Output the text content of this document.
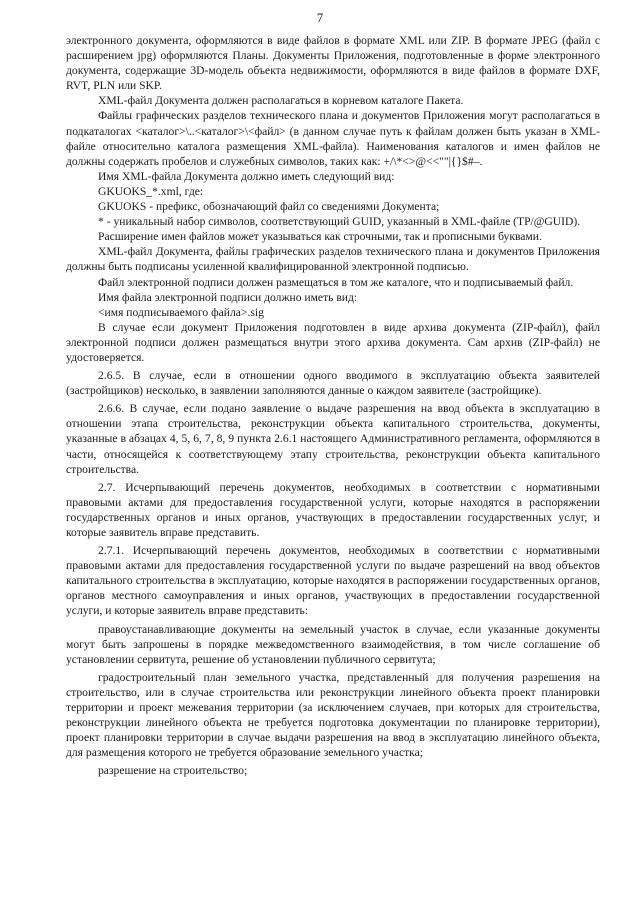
7

электронного документа, оформляются в виде файлов в формате XML или ZIP. В формате JPEG (файл с расширением jpg) оформляются Планы. Документы Приложения, подготовленные в форме электронного документа, содержащие 3D-модель объекта недвижимости, оформляются в виде файлов в формате DXF, RVT, PLN или SKP.

XML-файл Документа должен располагаться в корневом каталоге Пакета.

Файлы графических разделов технического плана и документов Приложения могут располагаться в подкаталогах <каталог>\..<каталог>\<файл> (в данном случае путь к файлам должен быть указан в XML-файле относительно каталога размещения XML-файла). Наименования каталогов и имен файлов не должны содержать пробелов и служебных символов, таких как: +/\*<>@<<""|{}$#–.

Имя XML-файла Документа должно иметь следующий вид:

GKUOKS_*.xml, где:

GKUOKS - префикс, обозначающий файл со сведениями Документа;

* - уникальный набор символов, соответствующий GUID, указанный в XML-файле (TP/@GUID).

Расширение имен файлов может указываться как строчными, так и прописными буквами.

XML-файл Документа, файлы графических разделов технического плана и документов Приложения должны быть подписаны усиленной квалифицированной электронной подписью.

Файл электронной подписи должен размещаться в том же каталоге, что и подписываемый файл.

Имя файла электронной подписи должно иметь вид:

<имя подписываемого файла>.sig

В случае если документ Приложения подготовлен в виде архива документа (ZIP-файл), файл электронной подписи должен размещаться внутри этого архива документа. Сам архив (ZIP-файл) не удостоверяется.

2.6.5. В случае, если в отношении одного вводимого в эксплуатацию объекта заявителей (застройщиков) несколько, в заявлении заполняются данные о каждом заявителе (застройщике).

2.6.6. В случае, если подано заявление о выдаче разрешения на ввод объекта в эксплуатацию в отношении этапа строительства, реконструкции объекта капитального строительства, документы, указанные в абзацах 4, 5, 6, 7, 8, 9 пункта 2.6.1 настоящего Административного регламента, оформляются в части, относящейся к соответствующему этапу строительства, реконструкции объекта капитального строительства.

2.7. Исчерпывающий перечень документов, необходимых в соответствии с нормативными правовыми актами для предоставления государственной услуги, которые находятся в распоряжении государственных органов и иных органов, участвующих в предоставлении государственных услуг, и которые заявитель вправе представить.

2.7.1. Исчерпывающий перечень документов, необходимых в соответствии с нормативными правовыми актами для предоставления государственной услуги по выдаче разрешений на ввод объектов капитального строительства в эксплуатацию, которые находятся в распоряжении государственных органов, органов местного самоуправления и иных органов, участвующих в предоставлении государственной услуги, и которые заявитель вправе представить:

правоустанавливающие документы на земельный участок в случае, если указанные документы могут быть запрошены в порядке межведомственного взаимодействия, в том числе соглашение об установлении сервитута, решение об установлении публичного сервитута;

градостроительный план земельного участка, представленный для получения разрешения на строительство, или в случае строительства или реконструкции линейного объекта проект планировки территории и проект межевания территории (за исключением случаев, при которых для строительства, реконструкции линейного объекта не требуется подготовка документации по планировке территории), проект планировки территории в случае выдачи разрешения на ввод в эксплуатацию линейного объекта, для размещения которого не требуется образование земельного участка;

разрешение на строительство;
